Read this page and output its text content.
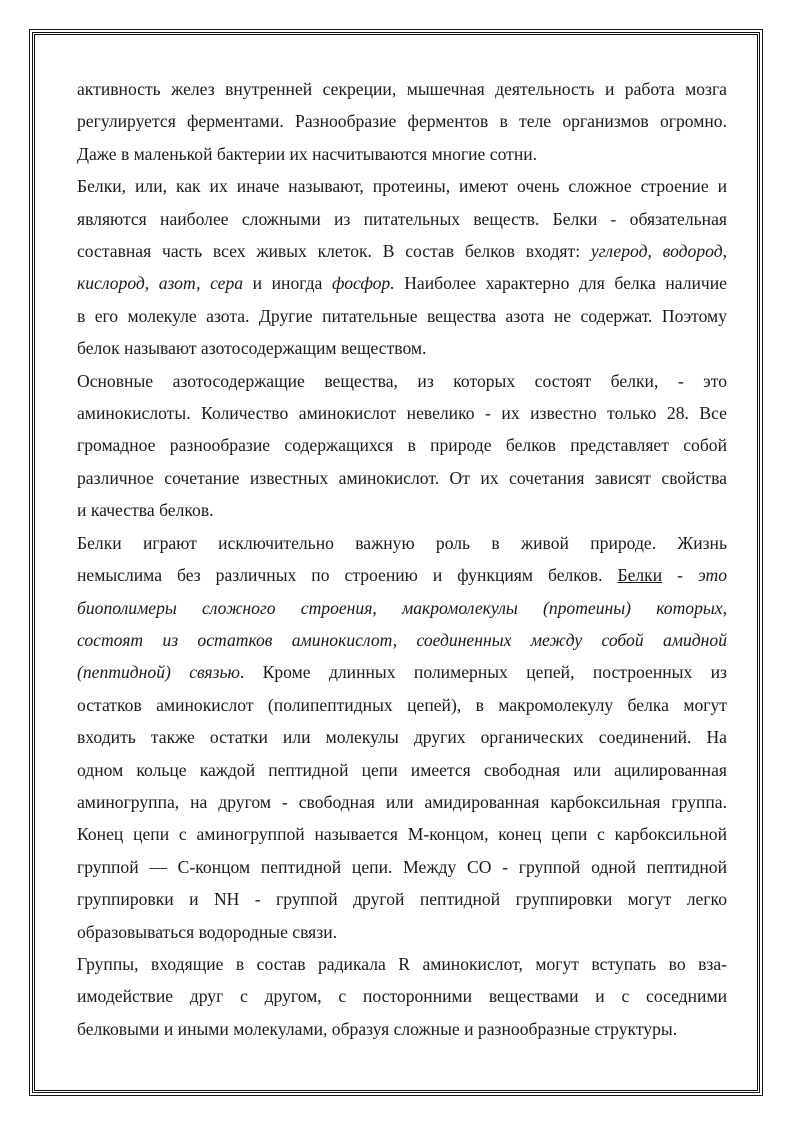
активность желез внутренней секреции, мышечная деятельность и работа мозга
регулируется ферментами. Разнообразие ферментов в теле организмов огромно.
Даже в маленькой бактерии их насчитываются многие сотни.

Белки, или, как их иначе называют, протеины, имеют очень сложное строение и
являются наиболее сложными из питательных веществ. Белки - обязательная
составная часть всех живых клеток. В состав белков входят: углерод, водород,
кислород, азот, сера и иногда фосфор. Наиболее характерно для белка наличие
в его молекуле азота. Другие питательные вещества азота не содержат. Поэтому
белок называют азотосодержащим веществом.

Основные азотосодержащие вещества, из которых состоят белки, - это
аминокислоты. Количество аминокислот невелико - их известно только 28. Все
громадное разнообразие содержащихся в природе белков представляет собой
различное сочетание известных аминокислот. От их сочетания зависят свойства
и качества белков.

Белки играют исключительно важную роль в живой природе. Жизнь
немыслима без различных по строению и функциям белков. Белки - это
биополимеры сложного строения, макромолекулы (протеины) которых,
состоят из остатков аминокислот, соединенных между собой амидной
(пептидной) связью. Кроме длинных полимерных цепей, построенных из
остатков аминокислот (полипептидных цепей), в макромолекулу белка могут
входить также остатки или молекулы других органических соединений. На
одном кольце каждой пептидной цепи имеется свободная или ацилированная
аминогруппа, на другом - свободная или амидированная карбоксильная группа.
Конец цепи с аминогруппой называется М-концом, конец цепи с карбоксильной
группой — С-концом пептидной цепи. Между СО - группой одной пептидной
группировки и NH - группой другой пептидной группировки могут легко
образовываться водородные связи.

Группы, входящие в состав радикала R аминокислот, могут вступать во вза-
имодействие друг с другом, с посторонними веществами и с соседними
белковыми и иными молекулами, образуя сложные и разнообразные структуры.
